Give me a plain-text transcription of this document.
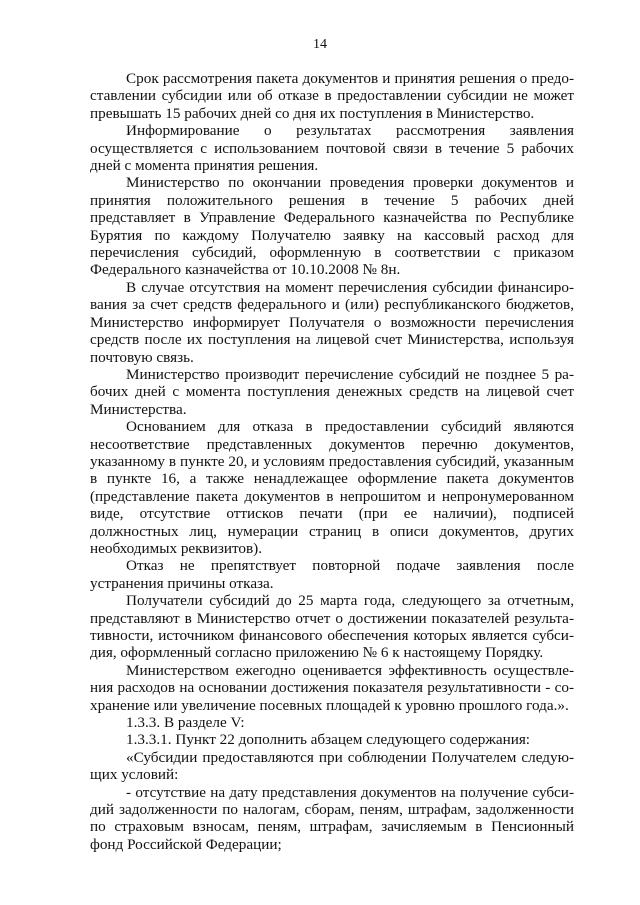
14

Срок рассмотрения пакета документов и принятия решения о предоставлении субсидии или об отказе в предоставлении субсидии не может превышать 15 рабочих дней со дня их поступления в Министерство.

Информирование о результатах рассмотрения заявления осуществляется с использованием почтовой связи в течение 5 рабочих дней с момента принятия решения.

Министерство по окончании проведения проверки документов и принятия положительного решения в течение 5 рабочих дней представляет в Управление Федерального казначейства по Республике Бурятия по каждому Получателю заявку на кассовый расход для перечисления субсидий, оформленную в соответствии с приказом Федерального казначейства от 10.10.2008 № 8н.

В случае отсутствия на момент перечисления субсидии финансирования за счет средств федерального и (или) республиканского бюджетов, Министерство информирует Получателя о возможности перечисления средств после их поступления на лицевой счет Министерства, используя почтовую связь.

Министерство производит перечисление субсидий не позднее 5 рабочих дней с момента поступления денежных средств на лицевой счет Министерства.

Основанием для отказа в предоставлении субсидий являются несоответствие представленных документов перечню документов, указанному в пункте 20, и условиям предоставления субсидий, указанным в пункте 16, а также ненадлежащее оформление пакета документов (представление пакета документов в непрошитом и непронумерованном виде, отсутствие оттисков печати (при ее наличии), подписей должностных лиц, нумерации страниц в описи документов, других необходимых реквизитов).

Отказ не препятствует повторной подаче заявления после устранения причины отказа.

Получатели субсидий до 25 марта года, следующего за отчетным, представляют в Министерство отчет о достижении показателей результативности, источником финансового обеспечения которых является субсидия, оформленный согласно приложению № 6 к настоящему Порядку.

Министерством ежегодно оценивается эффективность осуществления расходов на основании достижения показателя результативности - сохранение или увеличение посевных площадей к уровню прошлого года.».

1.3.3. В разделе V:

1.3.3.1. Пункт 22 дополнить абзацем следующего содержания:

«Субсидии предоставляются при соблюдении Получателем следующих условий:

- отсутствие на дату представления документов на получение субсидий задолженности по налогам, сборам, пеням, штрафам, задолженности по страховым взносам, пеням, штрафам, зачисляемым в Пенсионный фонд Российской Федерации;
